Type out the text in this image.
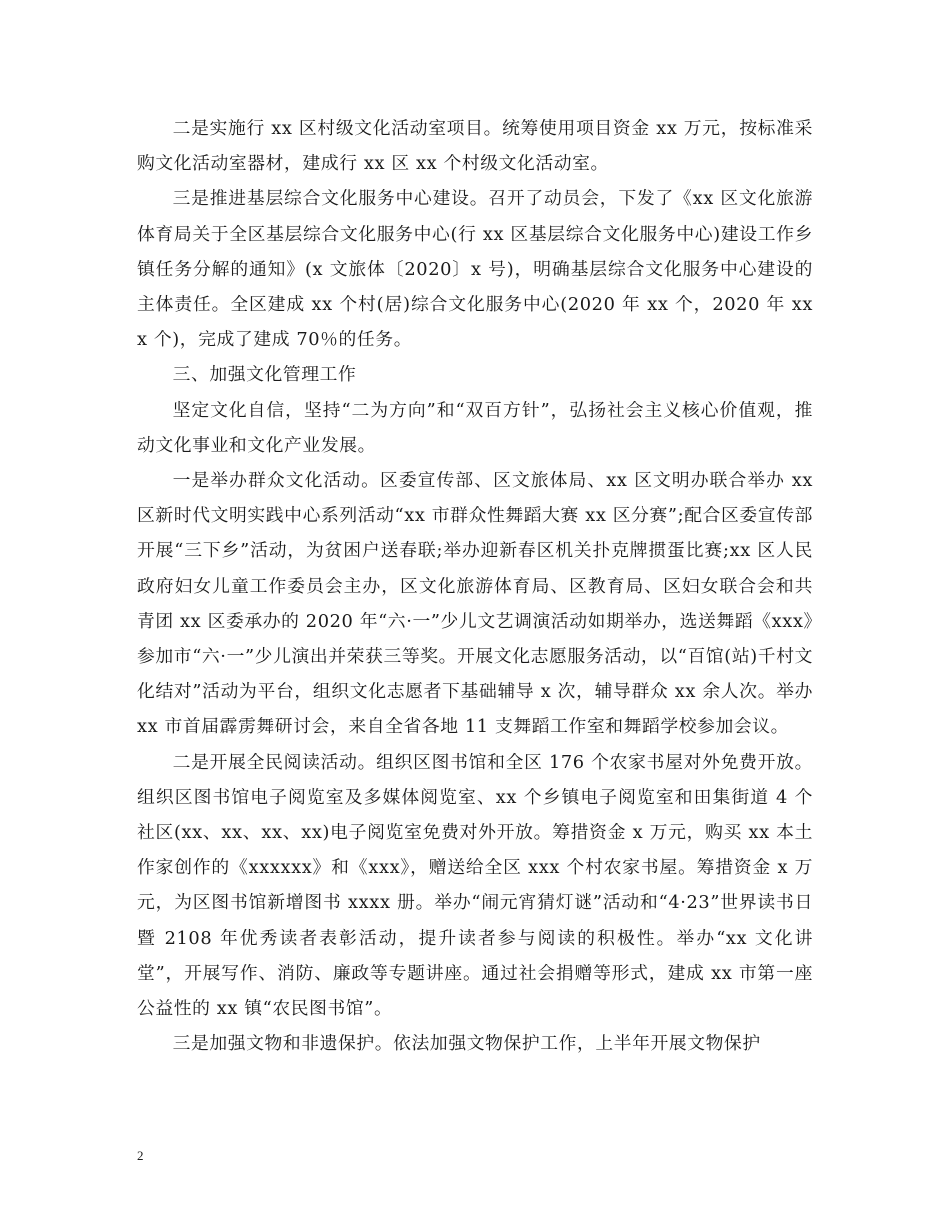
二是实施行 xx 区村级文化活动室项目。统筹使用项目资金 xx 万元，按标准采购文化活动室器材，建成行 xx 区 xx 个村级文化活动室。

三是推进基层综合文化服务中心建设。召开了动员会，下发了《xx 区文化旅游体育局关于全区基层综合文化服务中心(行 xx 区基层综合文化服务中心)建设工作乡镇任务分解的通知》(x 文旅体〔2020〕x 号)，明确基层综合文化服务中心建设的主体责任。全区建成 xx 个村(居)综合文化服务中心(2020 年 xx 个，2020 年 xxx 个)，完成了建成 70％的任务。

三、加强文化管理工作

坚定文化自信，坚持“二为方向”和“双百方针”，弘扬社会主义核心价值观，推动文化事业和文化产业发展。

一是举办群众文化活动。区委宣传部、区文旅体局、xx 区文明办联合举办 xx 区新时代文明实践中心系列活动“xx 市群众性舞蹈大赛 xx 区分赛”;配合区委宣传部开展“三下乡”活动，为贫困户送春联;举办迎新春区机关扑克牌掼蛋比赛;xx 区人民政府妇女儿童工作委员会主办，区文化旅游体育局、区教育局、区妇女联合会和共青团 xx 区委承办的 2020 年“六·一”少儿文艺调演活动如期举办，选送舞蹈《xxx》参加市“六·一”少儿演出并荣获三等奖。开展文化志愿服务活动，以“百馆(站)千村文化结对”活动为平台，组织文化志愿者下基础辅导 x 次，辅导群众 xx 余人次。举办 xx 市首届霹雳舞研讨会，来自全省各地 11 支舞蹈工作室和舞蹈学校参加会议。

二是开展全民阅读活动。组织区图书馆和全区 176 个农家书屋对外免费开放。组织区图书馆电子阅览室及多媒体阅览室、xx 个乡镇电子阅览室和田集街道 4 个社区(xx、xx、xx、xx)电子阅览室免费对外开放。筹措资金 x 万元，购买 xx 本土作家创作的《xxxxxx》和《xxx》，赠送给全区 xxx 个村农家书屋。筹措资金 x 万元，为区图书馆新增图书 xxxx 册。举办“闹元宵猜灯谜”活动和“4·23”世界读书日暨 2108 年优秀读者表彰活动，提升读者参与阅读的积极性。举办“xx 文化讲堂”，开展写作、消防、廉政等专题讲座。通过社会捐赠等形式，建成 xx 市第一座公益性的 xx 镇“农民图书馆”。

三是加强文物和非遗保护。依法加强文物保护工作，上半年开展文物保护

2
